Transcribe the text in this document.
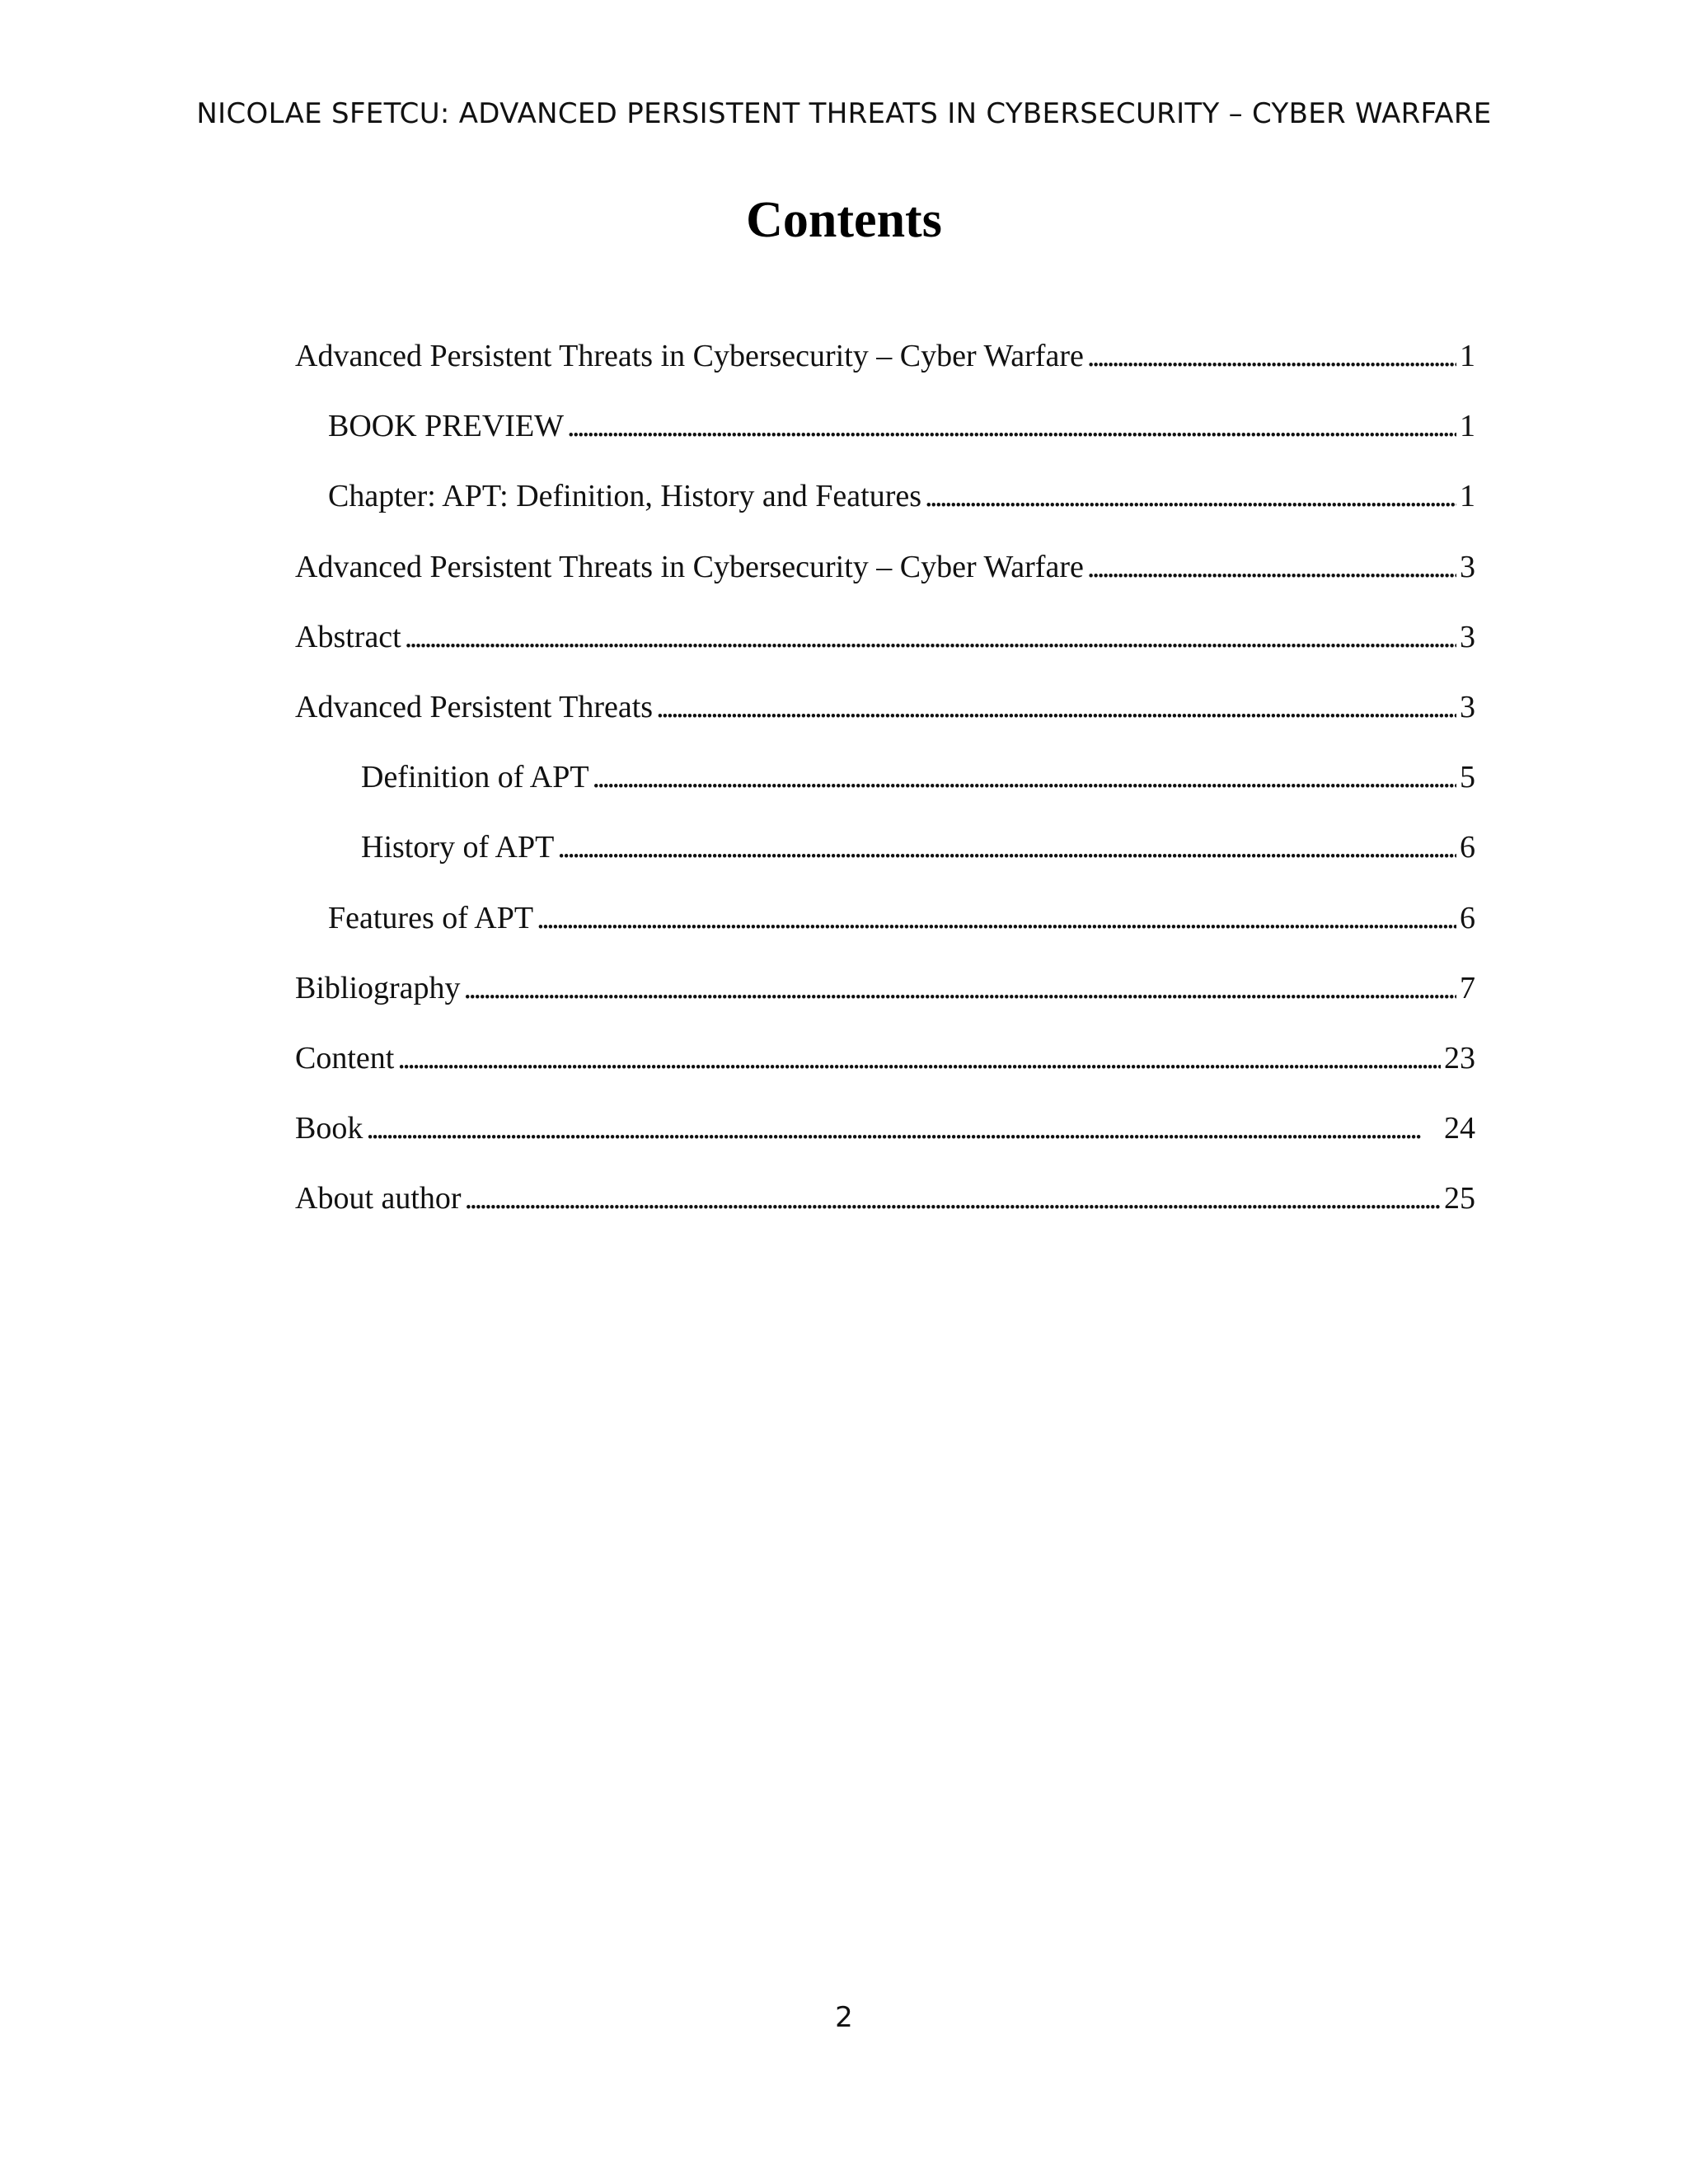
NICOLAE SFETCU: ADVANCED PERSISTENT THREATS IN CYBERSECURITY – CYBER WARFARE
Contents
Advanced Persistent Threats in Cybersecurity – Cyber Warfare . . .	1
BOOK PREVIEW . . .	1
Chapter: APT: Definition, History and Features . . .	1
Advanced Persistent Threats in Cybersecurity – Cyber Warfare . . .	3
Abstract . . .	3
Advanced Persistent Threats . . .	3
Definition of APT . . .	5
History of APT . . .	6
Features of APT . . .	6
Bibliography . . .	7
Content . . .	23
Book . . .	24
About author . . .	25
2
